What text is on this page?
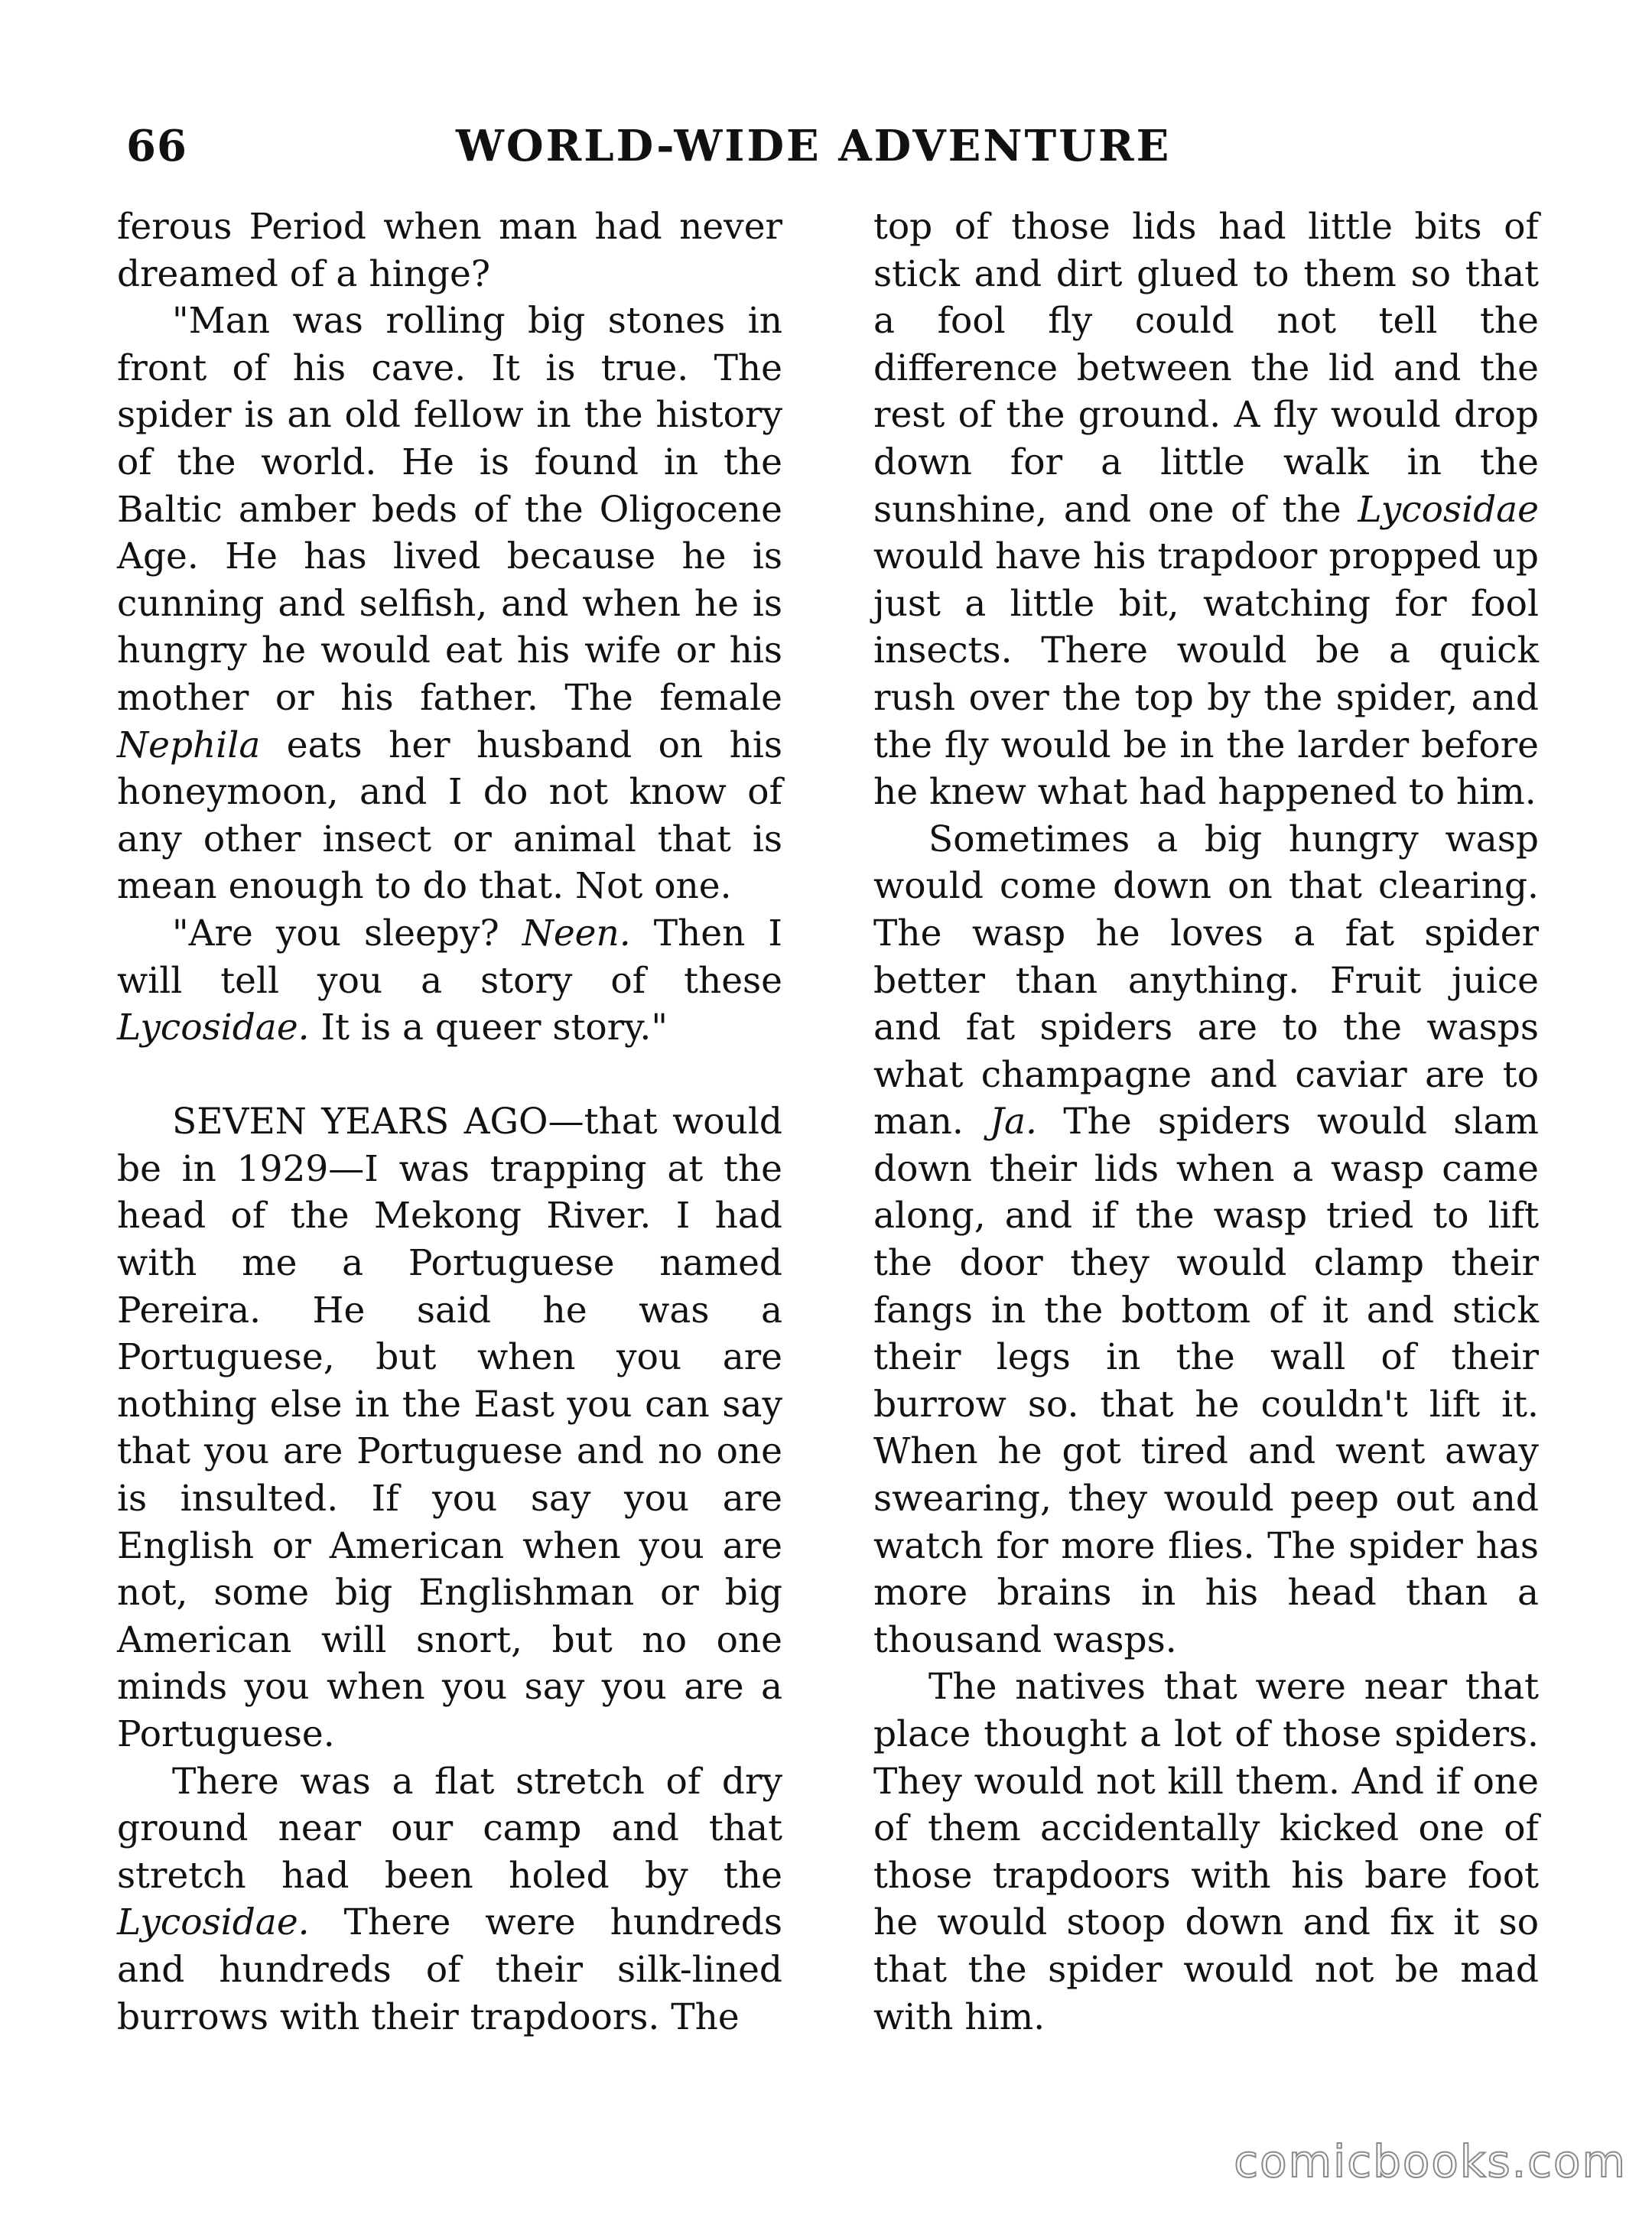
66	WORLD-WIDE ADVENTURE

ferous Period when man had never dreamed of a hinge?

"Man was rolling big stones in front of his cave. It is true. The spider is an old fellow in the history of the world. He is found in the Baltic amber beds of the Oligocene Age. He has lived because he is cunning and selfish, and when he is hungry he would eat his wife or his mother or his father. The female Nephila eats her husband on his honeymoon, and I do not know of any other insect or animal that is mean enough to do that. Not one.

"Are you sleepy? Neen. Then I will tell you a story of these Lycosidae. It is a queer story."

SEVEN YEARS AGO—that would be in 1929—I was trapping at the head of the Mekong River. I had with me a Portuguese named Pereira. He said he was a Portuguese, but when you are nothing else in the East you can say that you are Portuguese and no one is insulted. If you say you are English or American when you are not, some big Englishman or big American will snort, but no one minds you when you say you are a Portuguese.

There was a flat stretch of dry ground near our camp and that stretch had been holed by the Lycosidae. There were hundreds and hundreds of their silk-lined burrows with their trapdoors. The

top of those lids had little bits of stick and dirt glued to them so that a fool fly could not tell the difference between the lid and the rest of the ground. A fly would drop down for a little walk in the sunshine, and one of the Lycosidae would have his trapdoor propped up just a little bit, watching for fool insects. There would be a quick rush over the top by the spider, and the fly would be in the larder before he knew what had happened to him.

Sometimes a big hungry wasp would come down on that clearing. The wasp he loves a fat spider better than anything. Fruit juice and fat spiders are to the wasps what champagne and caviar are to man. Ja. The spiders would slam down their lids when a wasp came along, and if the wasp tried to lift the door they would clamp their fangs in the bottom of it and stick their legs in the wall of their burrow so. that he couldn't lift it. When he got tired and went away swearing, they would peep out and watch for more flies. The spider has more brains in his head than a thousand wasps.

The natives that were near that place thought a lot of those spiders. They would not kill them. And if one of them accidentally kicked one of those trapdoors with his bare foot he would stoop down and fix it so that the spider would not be mad with him.

comicbooks.com
